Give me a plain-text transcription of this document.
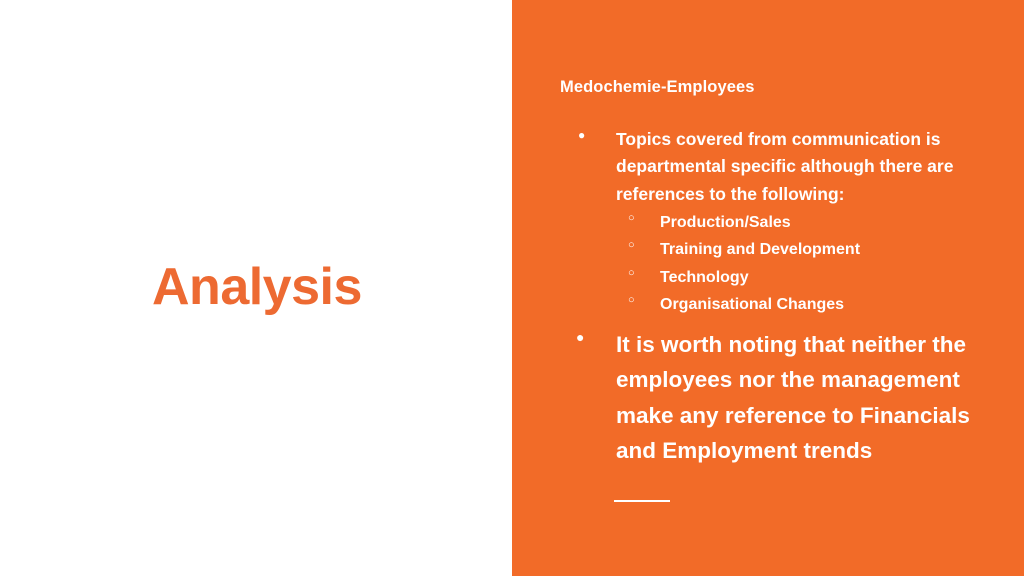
Analysis
Medochemie-Employees
● Topics covered from communication is departmental specific although there are references to the following:
○ Production/Sales
○ Training and Development
○ Technology
○ Organisational Changes
● It is worth noting that neither the employees nor the management make any reference to Financials and Employment trends
